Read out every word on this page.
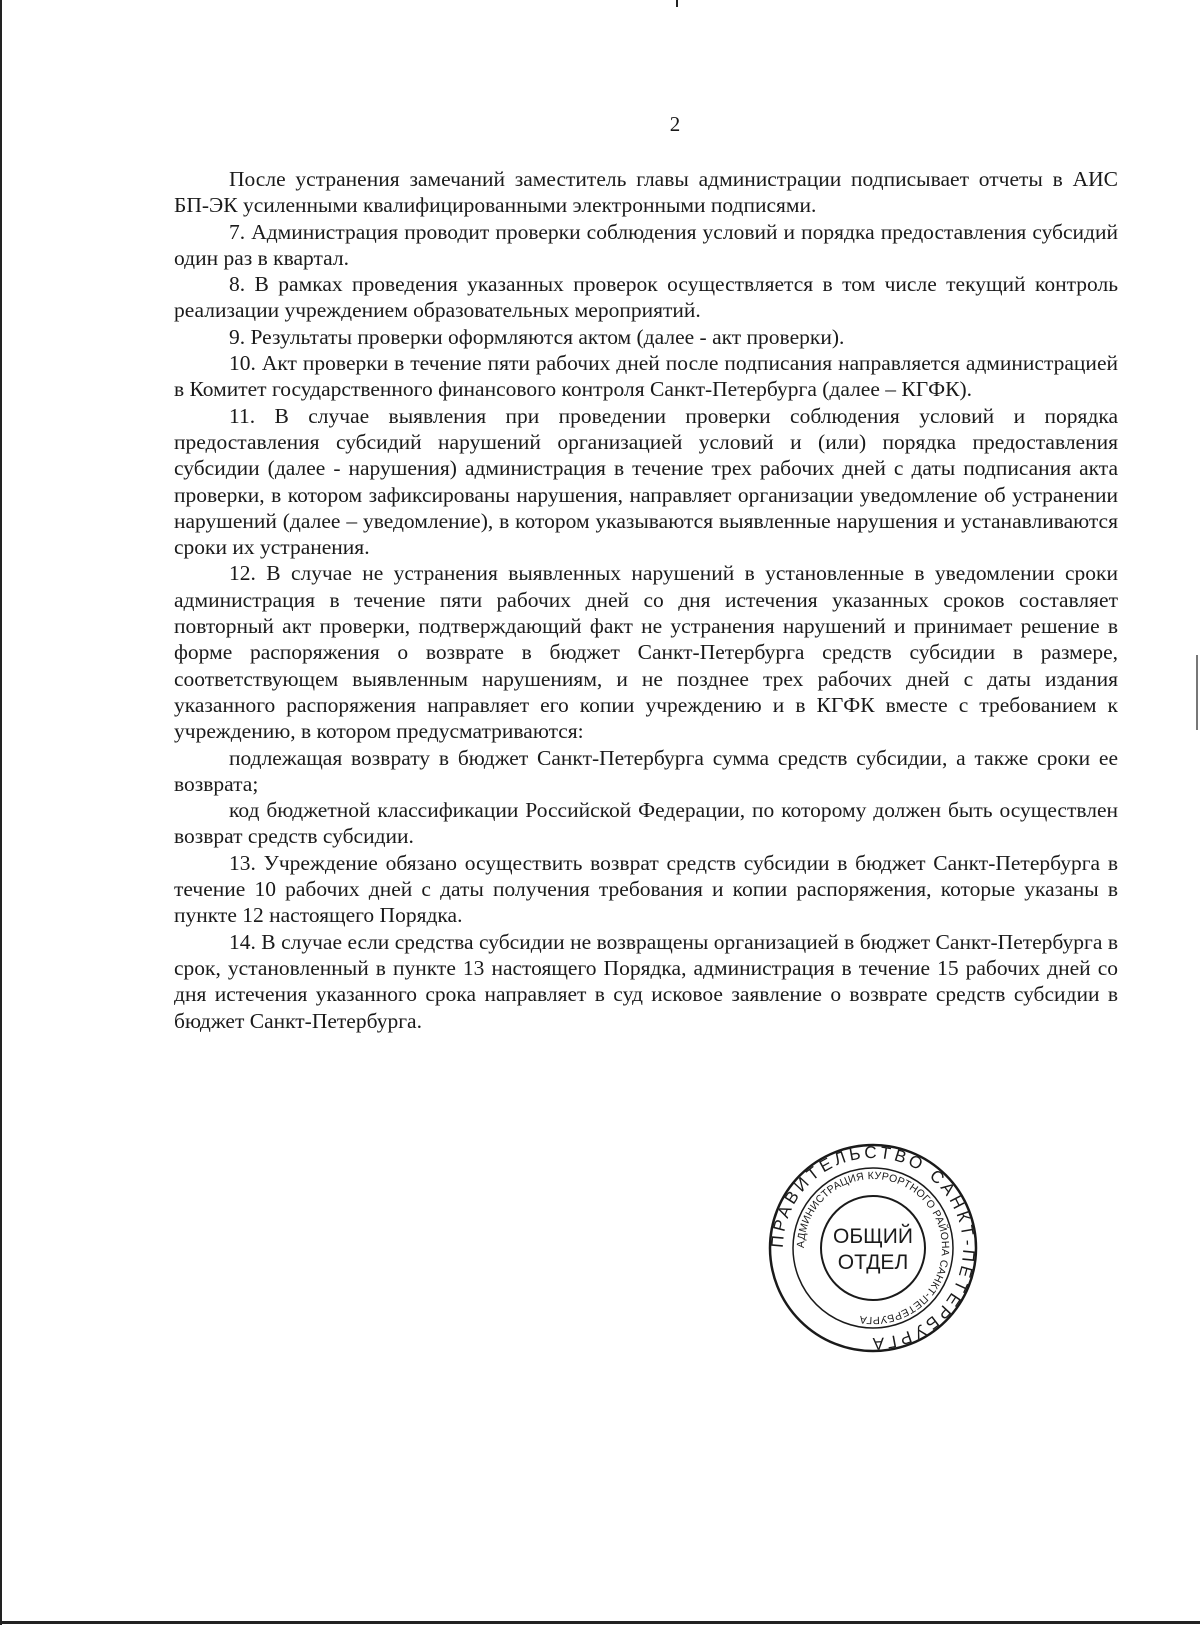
2

После устранения замечаний заместитель главы администрации подписывает отчеты в АИС БП-ЭК усиленными квалифицированными электронными подписями.

7. Администрация проводит проверки соблюдения условий и порядка предоставления субсидий один раз в квартал.

8. В рамках проведения указанных проверок осуществляется в том числе текущий контроль реализации учреждением образовательных мероприятий.

9. Результаты проверки оформляются актом (далее - акт проверки).

10. Акт проверки в течение пяти рабочих дней после подписания направляется администрацией в Комитет государственного финансового контроля Санкт-Петербурга (далее – КГФК).

11. В случае выявления при проведении проверки соблюдения условий и порядка предоставления субсидий нарушений организацией условий и (или) порядка предоставления субсидии (далее - нарушения) администрация в течение трех рабочих дней с даты подписания акта проверки, в котором зафиксированы нарушения, направляет организации уведомление об устранении нарушений (далее – уведомление), в котором указываются выявленные нарушения и устанавливаются сроки их устранения.

12. В случае не устранения выявленных нарушений в установленные в уведомлении сроки администрация в течение пяти рабочих дней со дня истечения указанных сроков составляет повторный акт проверки, подтверждающий факт не устранения нарушений и принимает решение в форме распоряжения о возврате в бюджет Санкт-Петербурга средств субсидии в размере, соответствующем выявленным нарушениям, и не позднее трех рабочих дней с даты издания указанного распоряжения направляет его копии учреждению и в КГФК вместе с требованием к учреждению, в котором предусматриваются:

подлежащая возврату в бюджет Санкт-Петербурга сумма средств субсидии, а также сроки ее возврата;

код бюджетной классификации Российской Федерации, по которому должен быть осуществлен возврат средств субсидии.

13. Учреждение обязано осуществить возврат средств субсидии в бюджет Санкт-Петербурга в течение 10 рабочих дней с даты получения требования и копии распоряжения, которые указаны в пункте 12 настоящего Порядка.

14. В случае если средства субсидии не возвращены организацией в бюджет Санкт-Петербурга в срок, установленный в пункте 13 настоящего Порядка, администрация в течение 15 рабочих дней со дня истечения указанного срока направляет в суд исковое заявление о возврате средств субсидии в бюджет Санкт-Петербурга.

ПРАВИТЕЛЬСТВО САНКТ-ПЕТЕРБУРГА
АДМИНИСТРАЦИЯ КУРОРТНОГО РАЙОНА САНКТ-ПЕТЕРБУРГА
ОБЩИЙ
ОТДЕЛ
